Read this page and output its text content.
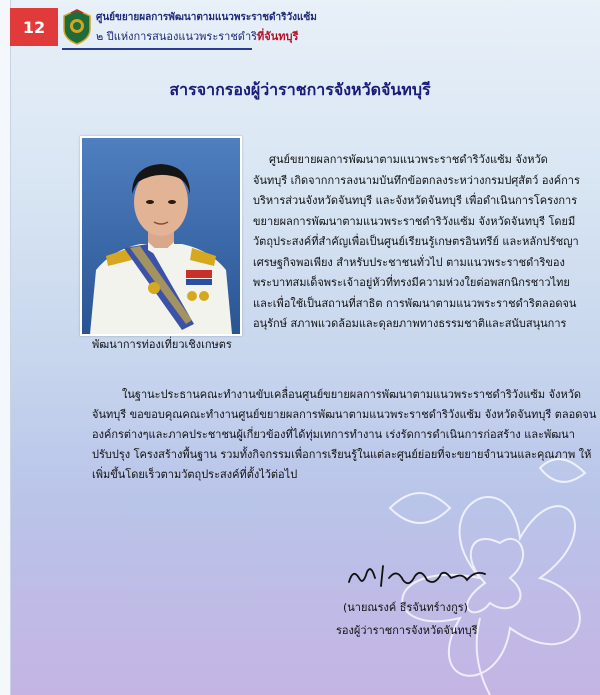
12	ศูนย์ขยายผลการพัฒนาตามแนวพระราชดำริวังแซ้ม
๒ ปีแห่งการสนองแนวพระราชดำริที่จันทบุรี
สารจากรองผู้ว่าราชการจังหวัดจันทบุรี
ศูนย์ขยายผลการพัฒนาตามแนวพระราชดำริวังแซ้ม จังหวัด
จันทบุรี เกิดจากการลงนามบันทึกข้อตกลงระหว่างกรมปศุสัตว์ องค์การ
บริหารส่วนจังหวัดจันทบุรี และจังหวัดจันทบุรี เพื่อดำเนินการโครงการ
ขยายผลการพัฒนาตามแนวพระราชดำริวังแซ้ม จังหวัดจันทบุรี โดยมี
วัตถุประสงค์ที่สำคัญเพื่อเป็นศูนย์เรียนรู้เกษตรอินทรีย์ และหลักปรัชญา
เศรษฐกิจพอเพียง สำหรับประชาชนทั่วไป ตามแนวพระราชดำริของ
พระบาทสมเด็จพระเจ้าอยู่หัวที่ทรงมีความห่วงใยต่อพสกนิกรชาวไทย
และเพื่อใช้เป็นสถานที่สาธิต การพัฒนาตามแนวพระราชดำริตลอดจน
อนุรักษ์ สภาพแวดล้อมและดุลยภาพทางธรรมชาติและสนับสนุนการ
พัฒนาการท่องเที่ยวเชิงเกษตร
ในฐานะประธานคณะทำงานขับเคลื่อนศูนย์ขยายผลการพัฒนาตามแนวพระราชดำริวังแซ้ม จังหวัด
จันทบุรี ขอขอบคุณคณะทำงานศูนย์ขยายผลการพัฒนาตามแนวพระราชดำริวังแซ้ม จังหวัดจันทบุรี ตลอดจน
องค์กรต่างๆและภาคประชาชนผู้เกี่ยวข้องที่ได้ทุ่มเทการทำงาน เร่งรัดการดำเนินการก่อสร้าง และพัฒนา
ปรับปรุง โครงสร้างพื้นฐาน รวมทั้งกิจกรรมเพื่อการเรียนรู้ในแต่ละศูนย์ย่อยที่จะขยายจำนวนและคุณภาพ ให้
เพิ่มขึ้นโดยเร็วตามวัตถุประสงค์ที่ตั้งไว้ต่อไป
(นายณรงค์ ธีรจันทร์างกูร)
รองผู้ว่าราชการจังหวัดจันทบุรี
